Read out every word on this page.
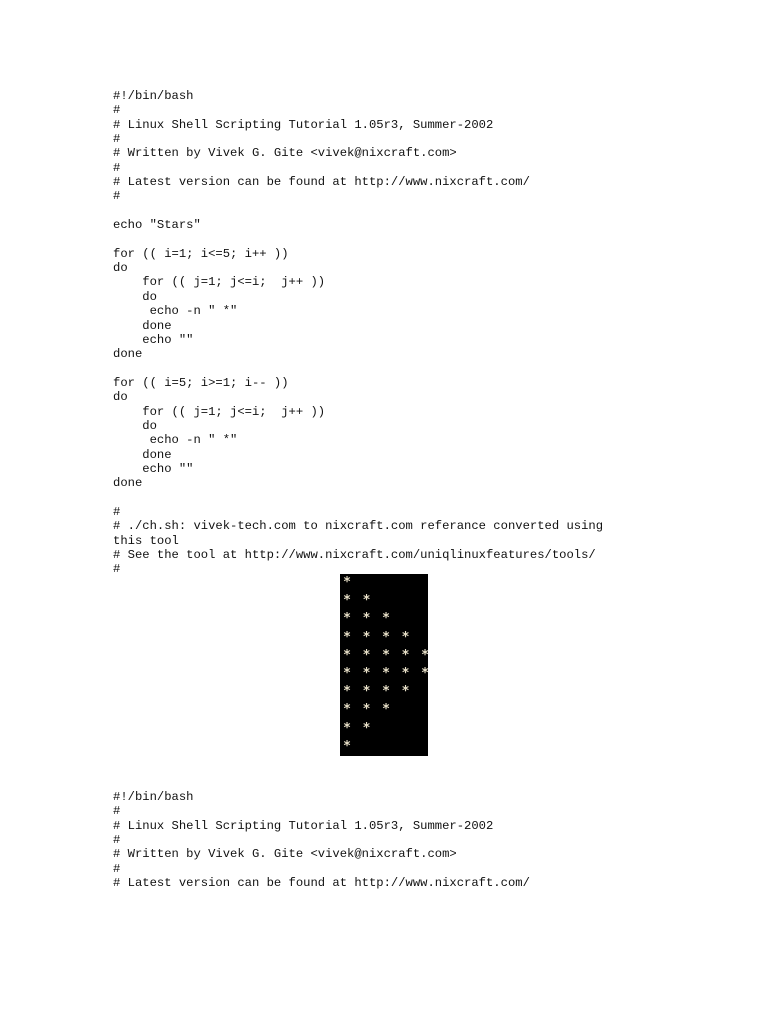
#!/bin/bash
#
# Linux Shell Scripting Tutorial 1.05r3, Summer-2002
#
# Written by Vivek G. Gite <vivek@nixcraft.com>
#
# Latest version can be found at http://www.nixcraft.com/
#
echo "Stars"
for (( i=1; i<=5; i++ ))
do
for (( j=1; j<=i;  j++ ))
do
echo -n " *"
done
echo ""
done
for (( i=5; i>=1; i-- ))
do
for (( j=1; j<=i;  j++ ))
do
echo -n " *"
done
echo ""
done
#
# ./ch.sh: vivek-tech.com to nixcraft.com referance converted using
this tool
# See the tool at http://www.nixcraft.com/uniqlinuxfeatures/tools/
#
*
* *
* * *
* * * *
* * * * *
* * * * *
* * * *
* * *
* *
*
#!/bin/bash
#
# Linux Shell Scripting Tutorial 1.05r3, Summer-2002
#
# Written by Vivek G. Gite <vivek@nixcraft.com>
#
# Latest version can be found at http://www.nixcraft.com/
